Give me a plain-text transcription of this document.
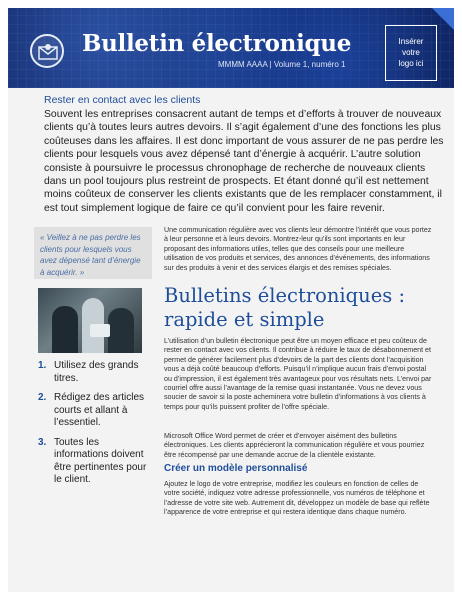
Bulletin électronique
MMMM AAAA | Volume 1, numéro 1
Insérer
votre
logo ici
Rester en contact avec les clients
Souvent les entreprises consacrent autant de temps et d’efforts à trouver de nouveaux clients qu’à toutes leurs autres devoirs. Il s’agit également d’une des fonctions les plus coûteuses dans les affaires. Il est donc important de vous assurer de ne pas perdre les clients pour lesquels vous avez dépensé tant d’énergie à acquérir. L’autre solution consiste à poursuivre le processus chronophage de recherche de nouveaux clients dans un pool toujours plus restreint de prospects. Et étant donné qu’il est nettement moins coûteux de conserver les clients existants que de les remplacer constamment, il est tout simplement logique de faire ce qu’il convient pour les faire revenir.
« Veillez à ne pas perdre les clients pour lesquels vous avez dépensé tant d’énergie à acquérir. »
1. Utilisez des grands titres.
2. Rédigez des articles courts et allant à l’essentiel.
3. Toutes les informations doivent être pertinentes pour le client.
Une communication régulière avec vos clients leur démontre l’intérêt que vous portez à leur personne et à leurs devoirs. Montrez-leur qu’ils sont importants en leur proposant des informations utiles, telles que des conseils pour une meilleure utilisation de vos produits et services, des annonces d’événements, des informations sur des produits à venir et des services élargis et des remises spéciales.
Bulletins électroniques : rapide et simple
L’utilisation d’un bulletin électronique peut être un moyen efficace et peu coûteux de rester en contact avec vos clients. Il contribue à réduire le taux de désabonnement et permet de générer facilement plus d’devoirs de la part des clients dont l’acquisition vous a déjà coûté beaucoup d’efforts. Puisqu’il n’implique aucun frais d’envoi postal ou d’impression, il est également très avantageux pour vos résultats nets. L’envoi par courriel offre aussi l’avantage de la remise quasi instantanée. Vous ne devez vous soucier de savoir si la poste acheminera votre bulletin d’informations à vos clients à temps pour qu’ils puissent profiter de l’offre spéciale.
Microsoft Office Word permet de créer et d’envoyer aisément des bulletins électroniques. Les clients apprécieront la communication régulière et vous pourriez être récompensé par une demande accrue de la clientèle existante.
Créer un modèle personnalisé
Ajoutez le logo de votre entreprise, modifiez les couleurs en fonction de celles de votre société, indiquez votre adresse professionnelle, vos numéros de téléphone et l’adresse de votre site web. Autrement dit, développez un modèle de base qui reflète l’apparence de votre entreprise et qui restera identique dans chaque numéro.
